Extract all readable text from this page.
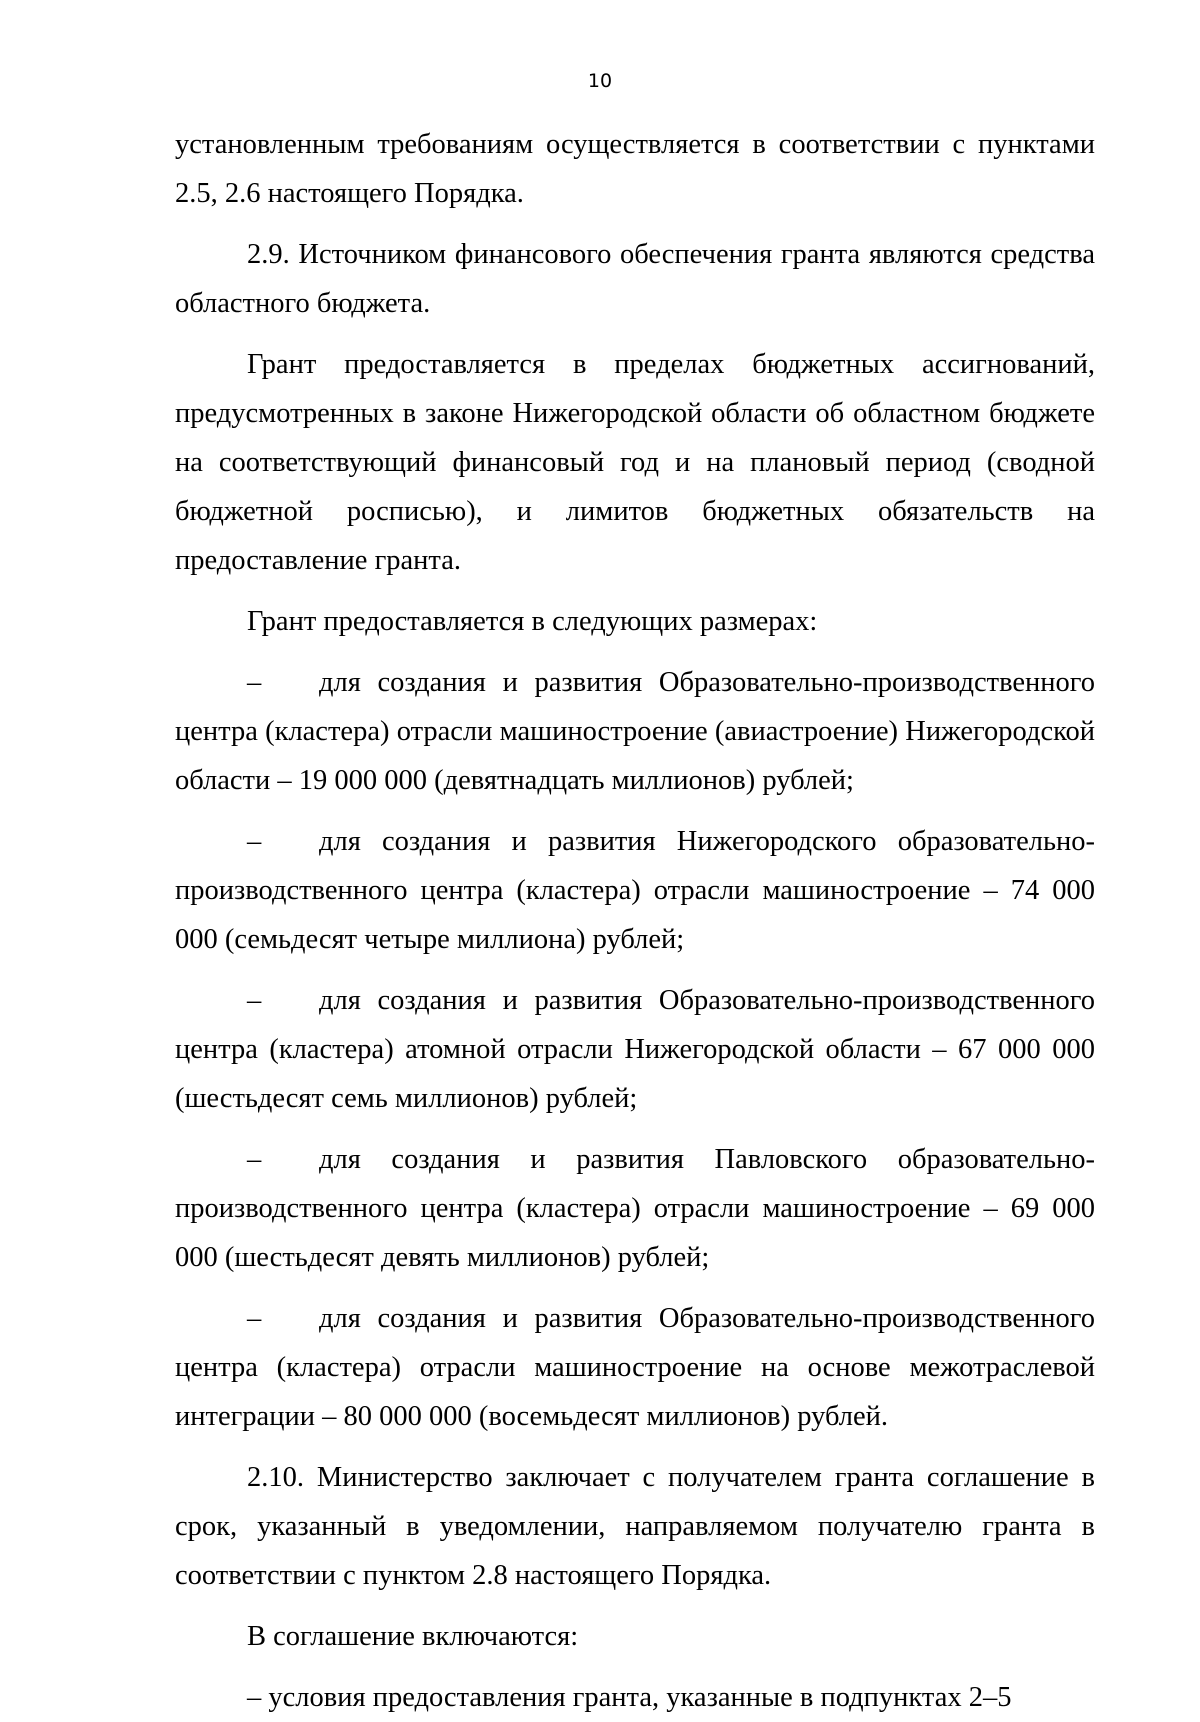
10

установленным требованиям осуществляется в соответствии с пунктами 2.5, 2.6 настоящего Порядка.

2.9. Источником финансового обеспечения гранта являются средства областного бюджета.

Грант предоставляется в пределах бюджетных ассигнований, предусмотренных в законе Нижегородской области об областном бюджете на соответствующий финансовый год и на плановый период (сводной бюджетной росписью), и лимитов бюджетных обязательств на предоставление гранта.

Грант предоставляется в следующих размерах:

– для создания и развития Образовательно-производственного центра (кластера) отрасли машиностроение (авиастроение) Нижегородской области – 19 000 000 (девятнадцать миллионов) рублей;

– для создания и развития Нижегородского образовательно-производственного центра (кластера) отрасли машиностроение – 74 000 000 (семьдесят четыре миллиона) рублей;

– для создания и развития Образовательно-производственного центра (кластера) атомной отрасли Нижегородской области – 67 000 000 (шестьдесят семь миллионов) рублей;

– для создания и развития Павловского образовательно-производственного центра (кластера) отрасли машиностроение – 69 000 000 (шестьдесят девять миллионов) рублей;

– для создания и развития Образовательно-производственного центра (кластера) отрасли машиностроение на основе межотраслевой интеграции – 80 000 000 (восемьдесят миллионов) рублей.

2.10. Министерство заключает с получателем гранта соглашение в срок, указанный в уведомлении, направляемом получателю гранта в соответствии с пунктом 2.8 настоящего Порядка.

В соглашение включаются:

– условия предоставления гранта, указанные в подпунктах 2–5
